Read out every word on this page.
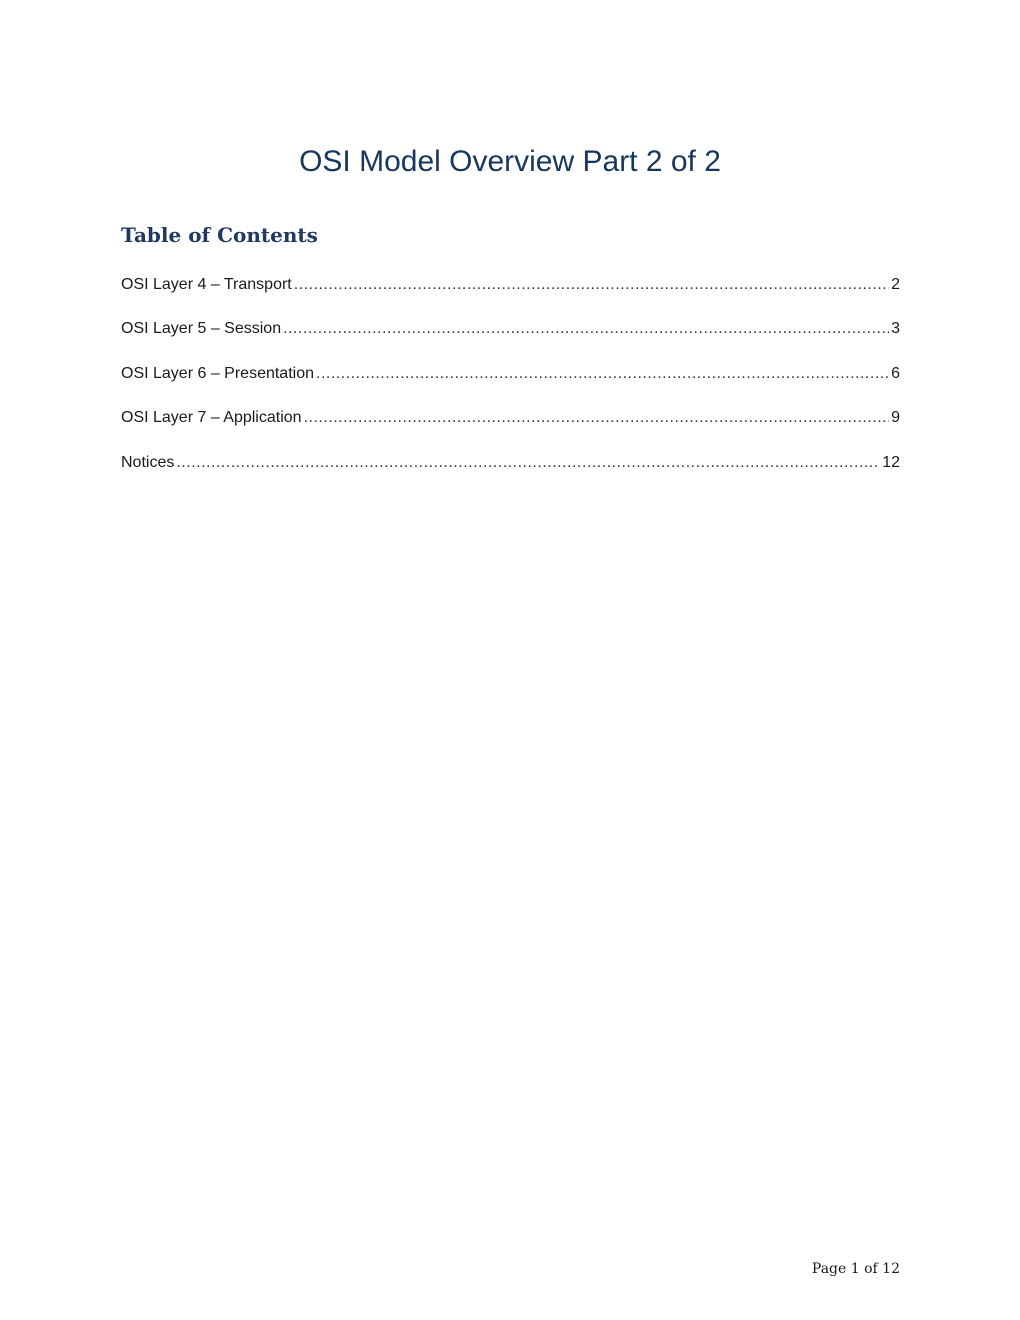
OSI Model Overview Part 2 of 2
Table of Contents
OSI Layer 4 – Transport .....	2
OSI Layer 5 – Session .....	3
OSI Layer 6 – Presentation .....	6
OSI Layer 7 – Application .....	9
Notices .....	12
Page 1 of 12
